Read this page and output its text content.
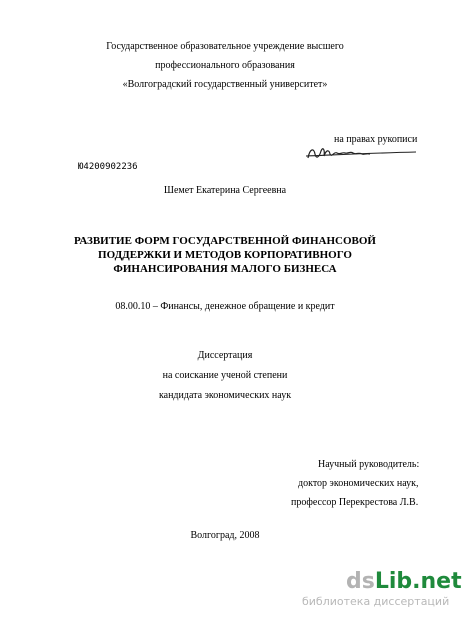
Государственное образовательное учреждение высшего
профессионального образования
«Волгоградский государственный университет»
на правах рукописи
Ю4200902236
Шемет Екатерина Сергеевна
РАЗВИТИЕ ФОРМ ГОСУДАРСТВЕННОЙ ФИНАНСОВОЙ
ПОДДЕРЖКИ И МЕТОДОВ КОРПОРАТИВНОГО
ФИНАНСИРОВАНИЯ МАЛОГО БИЗНЕСА
08.00.10 – Финансы, денежное обращение и кредит
Диссертация
на соискание ученой степени
кандидата экономических наук
Научный руководитель:
доктор экономических наук,
профессор Перекрестова Л.В.
Волгоград, 2008
dsLib.net
библиотека диссертаций
